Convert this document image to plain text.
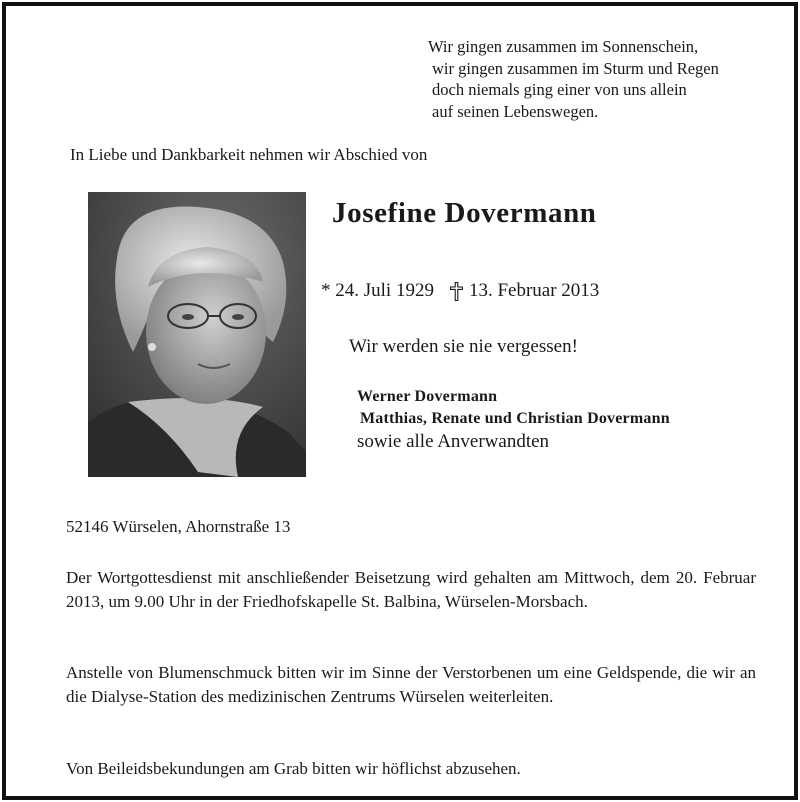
Wir gingen zusammen im Sonnenschein,
wir gingen zusammen im Sturm und Regen
doch niemals ging einer von uns allein
auf seinen Lebenswegen.
In Liebe und Dankbarkeit nehmen wir Abschied von
Josefine Dovermann
* 24. Juli 1929 13. Februar 2013
Wir werden sie nie vergessen!
Werner Dovermann
Matthias, Renate und Christian Dovermann
sowie alle Anverwandten
52146 Würselen, Ahornstraße 13
Der Wortgottesdienst mit anschließender Beisetzung wird gehalten am Mittwoch, dem 20. Februar 2013, um 9.00 Uhr in der Friedhofskapelle St. Balbina, Würselen-Morsbach.
Anstelle von Blumenschmuck bitten wir im Sinne der Verstorbenen um eine Geldspende, die wir an die Dialyse-Station des medizinischen Zentrums Würselen weiterleiten.
Von Beileidsbekundungen am Grab bitten wir höflichst abzusehen.
